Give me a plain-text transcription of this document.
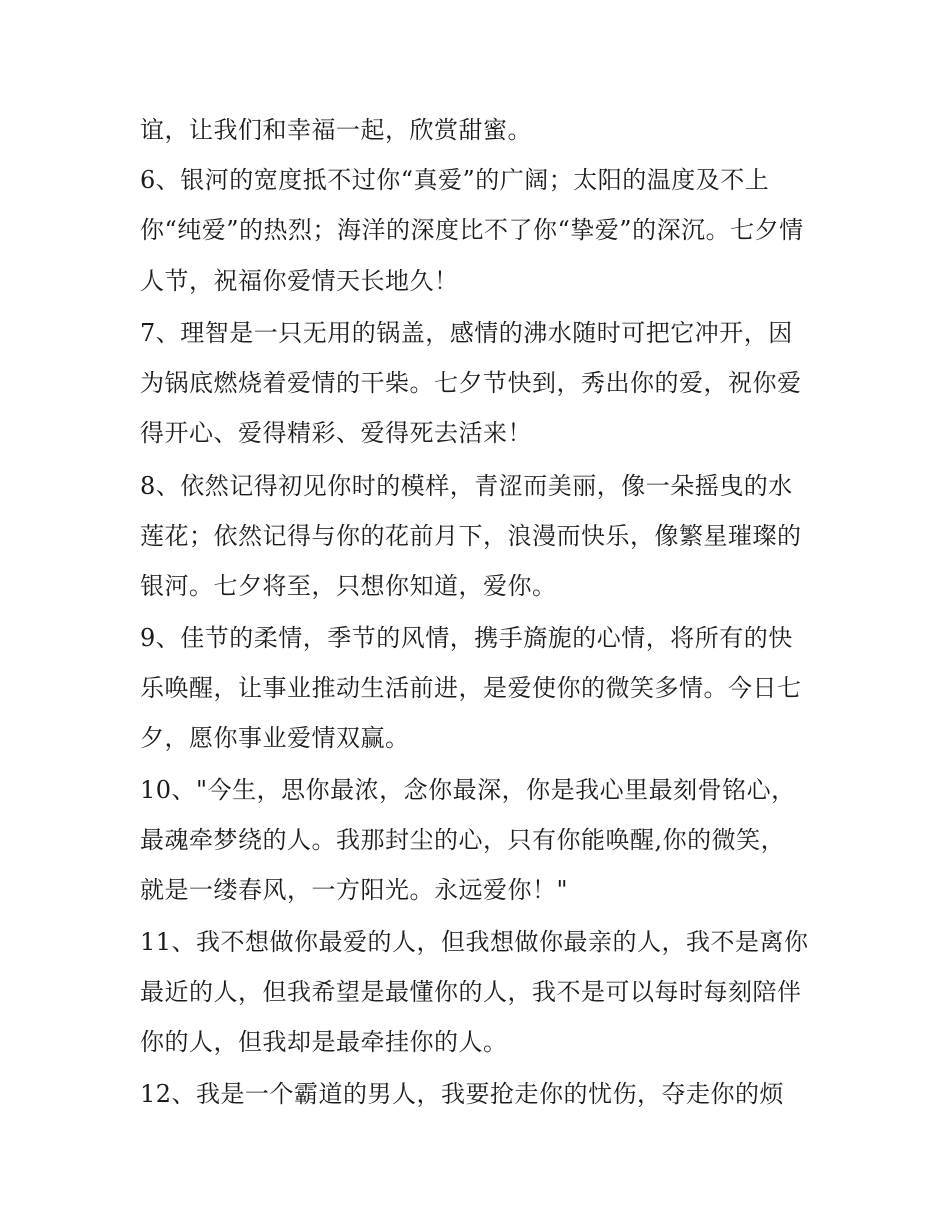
谊，让我们和幸福一起，欣赏甜蜜。
6、银河的宽度抵不过你“真爱”的广阔；太阳的温度及不上
你“纯爱”的热烈；海洋的深度比不了你“挚爱”的深沉。七夕情
人节，祝福你爱情天长地久！
7、理智是一只无用的锅盖，感情的沸水随时可把它冲开，因
为锅底燃烧着爱情的干柴。七夕节快到，秀出你的爱，祝你爱
得开心、爱得精彩、爱得死去活来！
8、依然记得初见你时的模样，青涩而美丽，像一朵摇曳的水
莲花；依然记得与你的花前月下，浪漫而快乐，像繁星璀璨的
银河。七夕将至，只想你知道，爱你。
9、佳节的柔情，季节的风情，携手旖旎的心情，将所有的快
乐唤醒，让事业推动生活前进，是爱使你的微笑多情。今日七
夕，愿你事业爱情双赢。
10、"今生，思你最浓，念你最深，你是我心里最刻骨铭心，
最魂牵梦绕的人。我那封尘的心，只有你能唤醒,你的微笑，
就是一缕春风，一方阳光。永远爱你！"
11、我不想做你最爱的人，但我想做你最亲的人，我不是离你
最近的人，但我希望是最懂你的人，我不是可以每时每刻陪伴
你的人，但我却是最牵挂你的人。
12、我是一个霸道的男人，我要抢走你的忧伤，夺走你的烦
